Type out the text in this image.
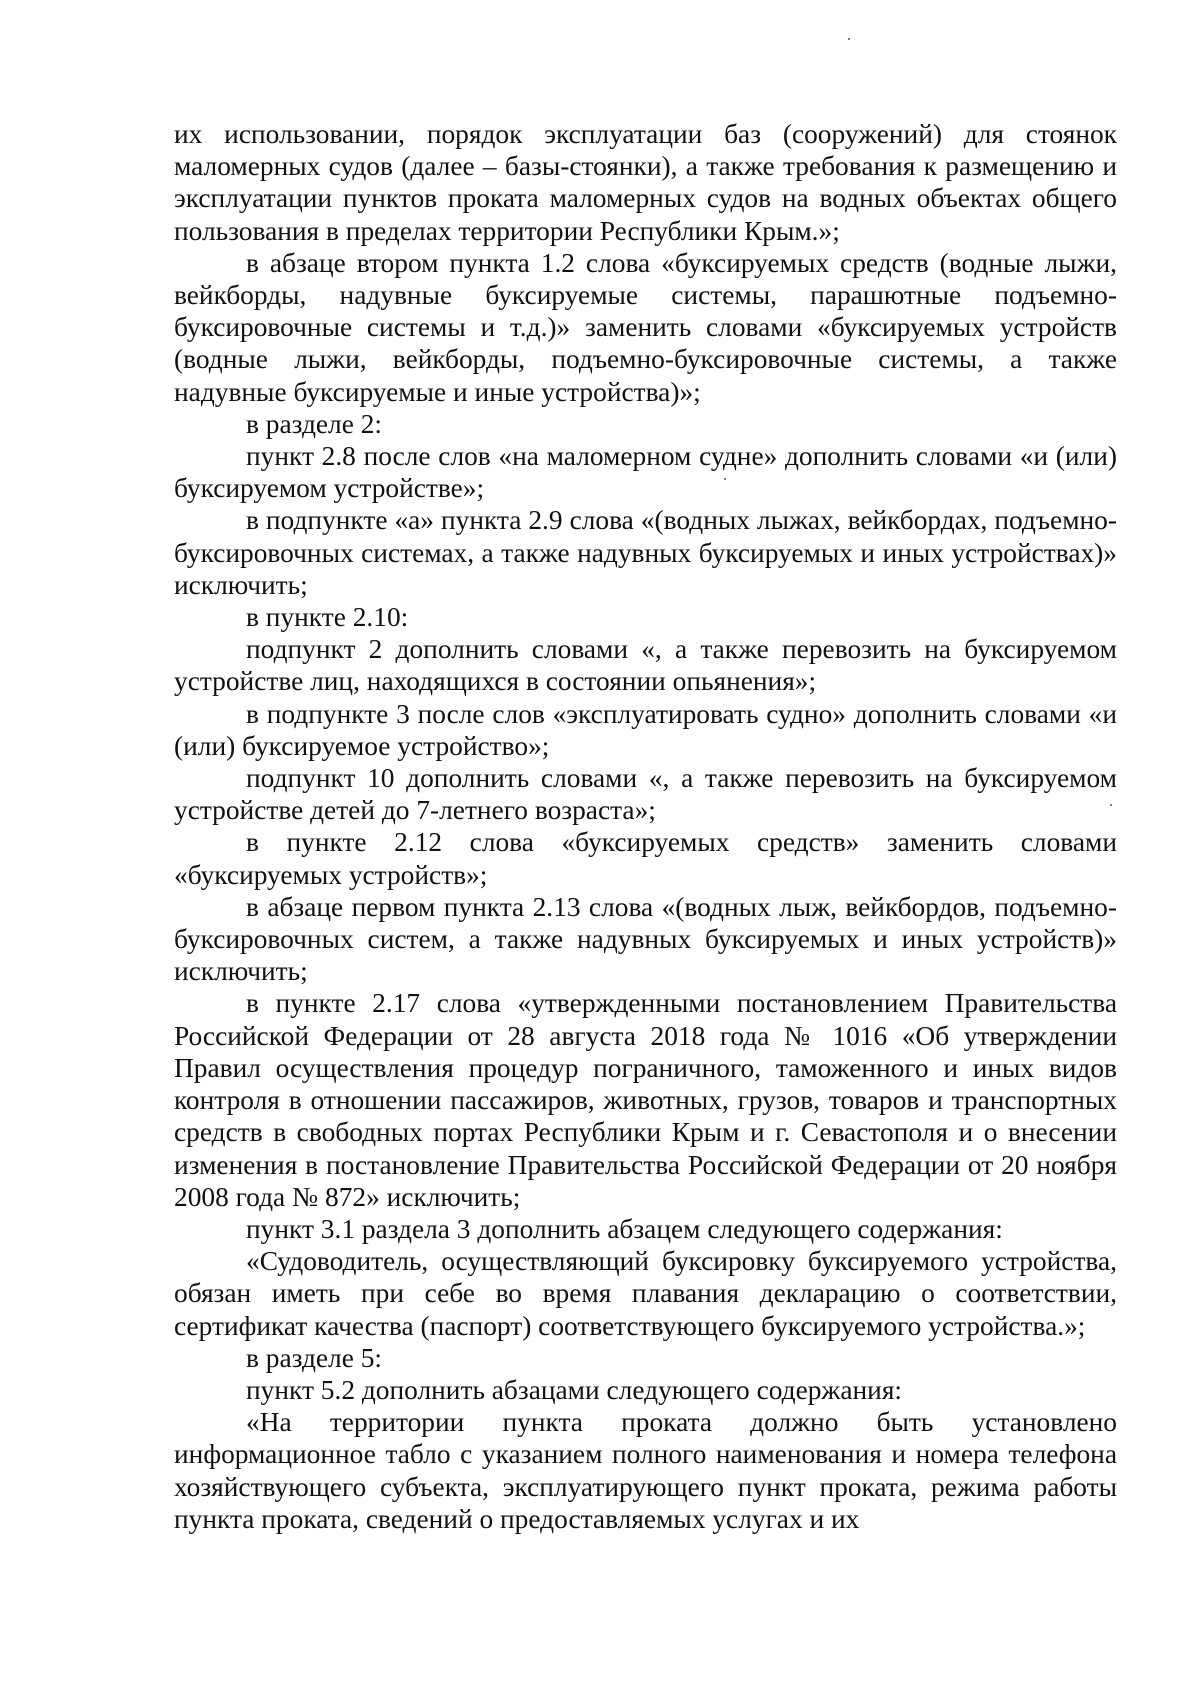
их использовании, порядок эксплуатации баз (сооружений) для стоянок маломерных судов (далее – базы-стоянки), а также требования к размещению и эксплуатации пунктов проката маломерных судов на водных объектах общего пользования в пределах территории Республики Крым.»;

в абзаце втором пункта 1.2 слова «буксируемых средств (водные лыжи, вейкборды, надувные буксируемые системы, парашютные подъемно-буксировочные системы и т.д.)» заменить словами «буксируемых устройств (водные лыжи, вейкборды, подъемно-буксировочные системы, а также надувные буксируемые и иные устройства)»;

в разделе 2:

пункт 2.8 после слов «на маломерном судне» дополнить словами «и (или) буксируемом устройстве»;

в подпункте «а» пункта 2.9 слова «(водных лыжах, вейкбордах, подъемно-буксировочных системах, а также надувных буксируемых и иных устройствах)» исключить;

в пункте 2.10:

подпункт 2 дополнить словами «, а также перевозить на буксируемом устройстве лиц, находящихся в состоянии опьянения»;

в подпункте 3 после слов «эксплуатировать судно» дополнить словами «и (или) буксируемое устройство»;

подпункт 10 дополнить словами «, а также перевозить на буксируемом устройстве детей до 7-летнего возраста»;

в пункте 2.12 слова «буксируемых средств» заменить словами «буксируемых устройств»;

в абзаце первом пункта 2.13 слова «(водных лыж, вейкбордов, подъемно-буксировочных систем, а также надувных буксируемых и иных устройств)» исключить;

в пункте 2.17 слова «утвержденными постановлением Правительства Российской Федерации от 28 августа 2018 года № 1016 «Об утверждении Правил осуществления процедур пограничного, таможенного и иных видов контроля в отношении пассажиров, животных, грузов, товаров и транспортных средств в свободных портах Республики Крым и г. Севастополя и о внесении изменения в постановление Правительства Российской Федерации от 20 ноября 2008 года № 872» исключить;

пункт 3.1 раздела 3 дополнить абзацем следующего содержания:

«Судоводитель, осуществляющий буксировку буксируемого устройства, обязан иметь при себе во время плавания декларацию о соответствии, сертификат качества (паспорт) соответствующего буксируемого устройства.»;

в разделе 5:

пункт 5.2 дополнить абзацами следующего содержания:

«На территории пункта проката должно быть установлено информационное табло с указанием полного наименования и номера телефона хозяйствующего субъекта, эксплуатирующего пункт проката, режима работы пункта проката, сведений о предоставляемых услугах и их
